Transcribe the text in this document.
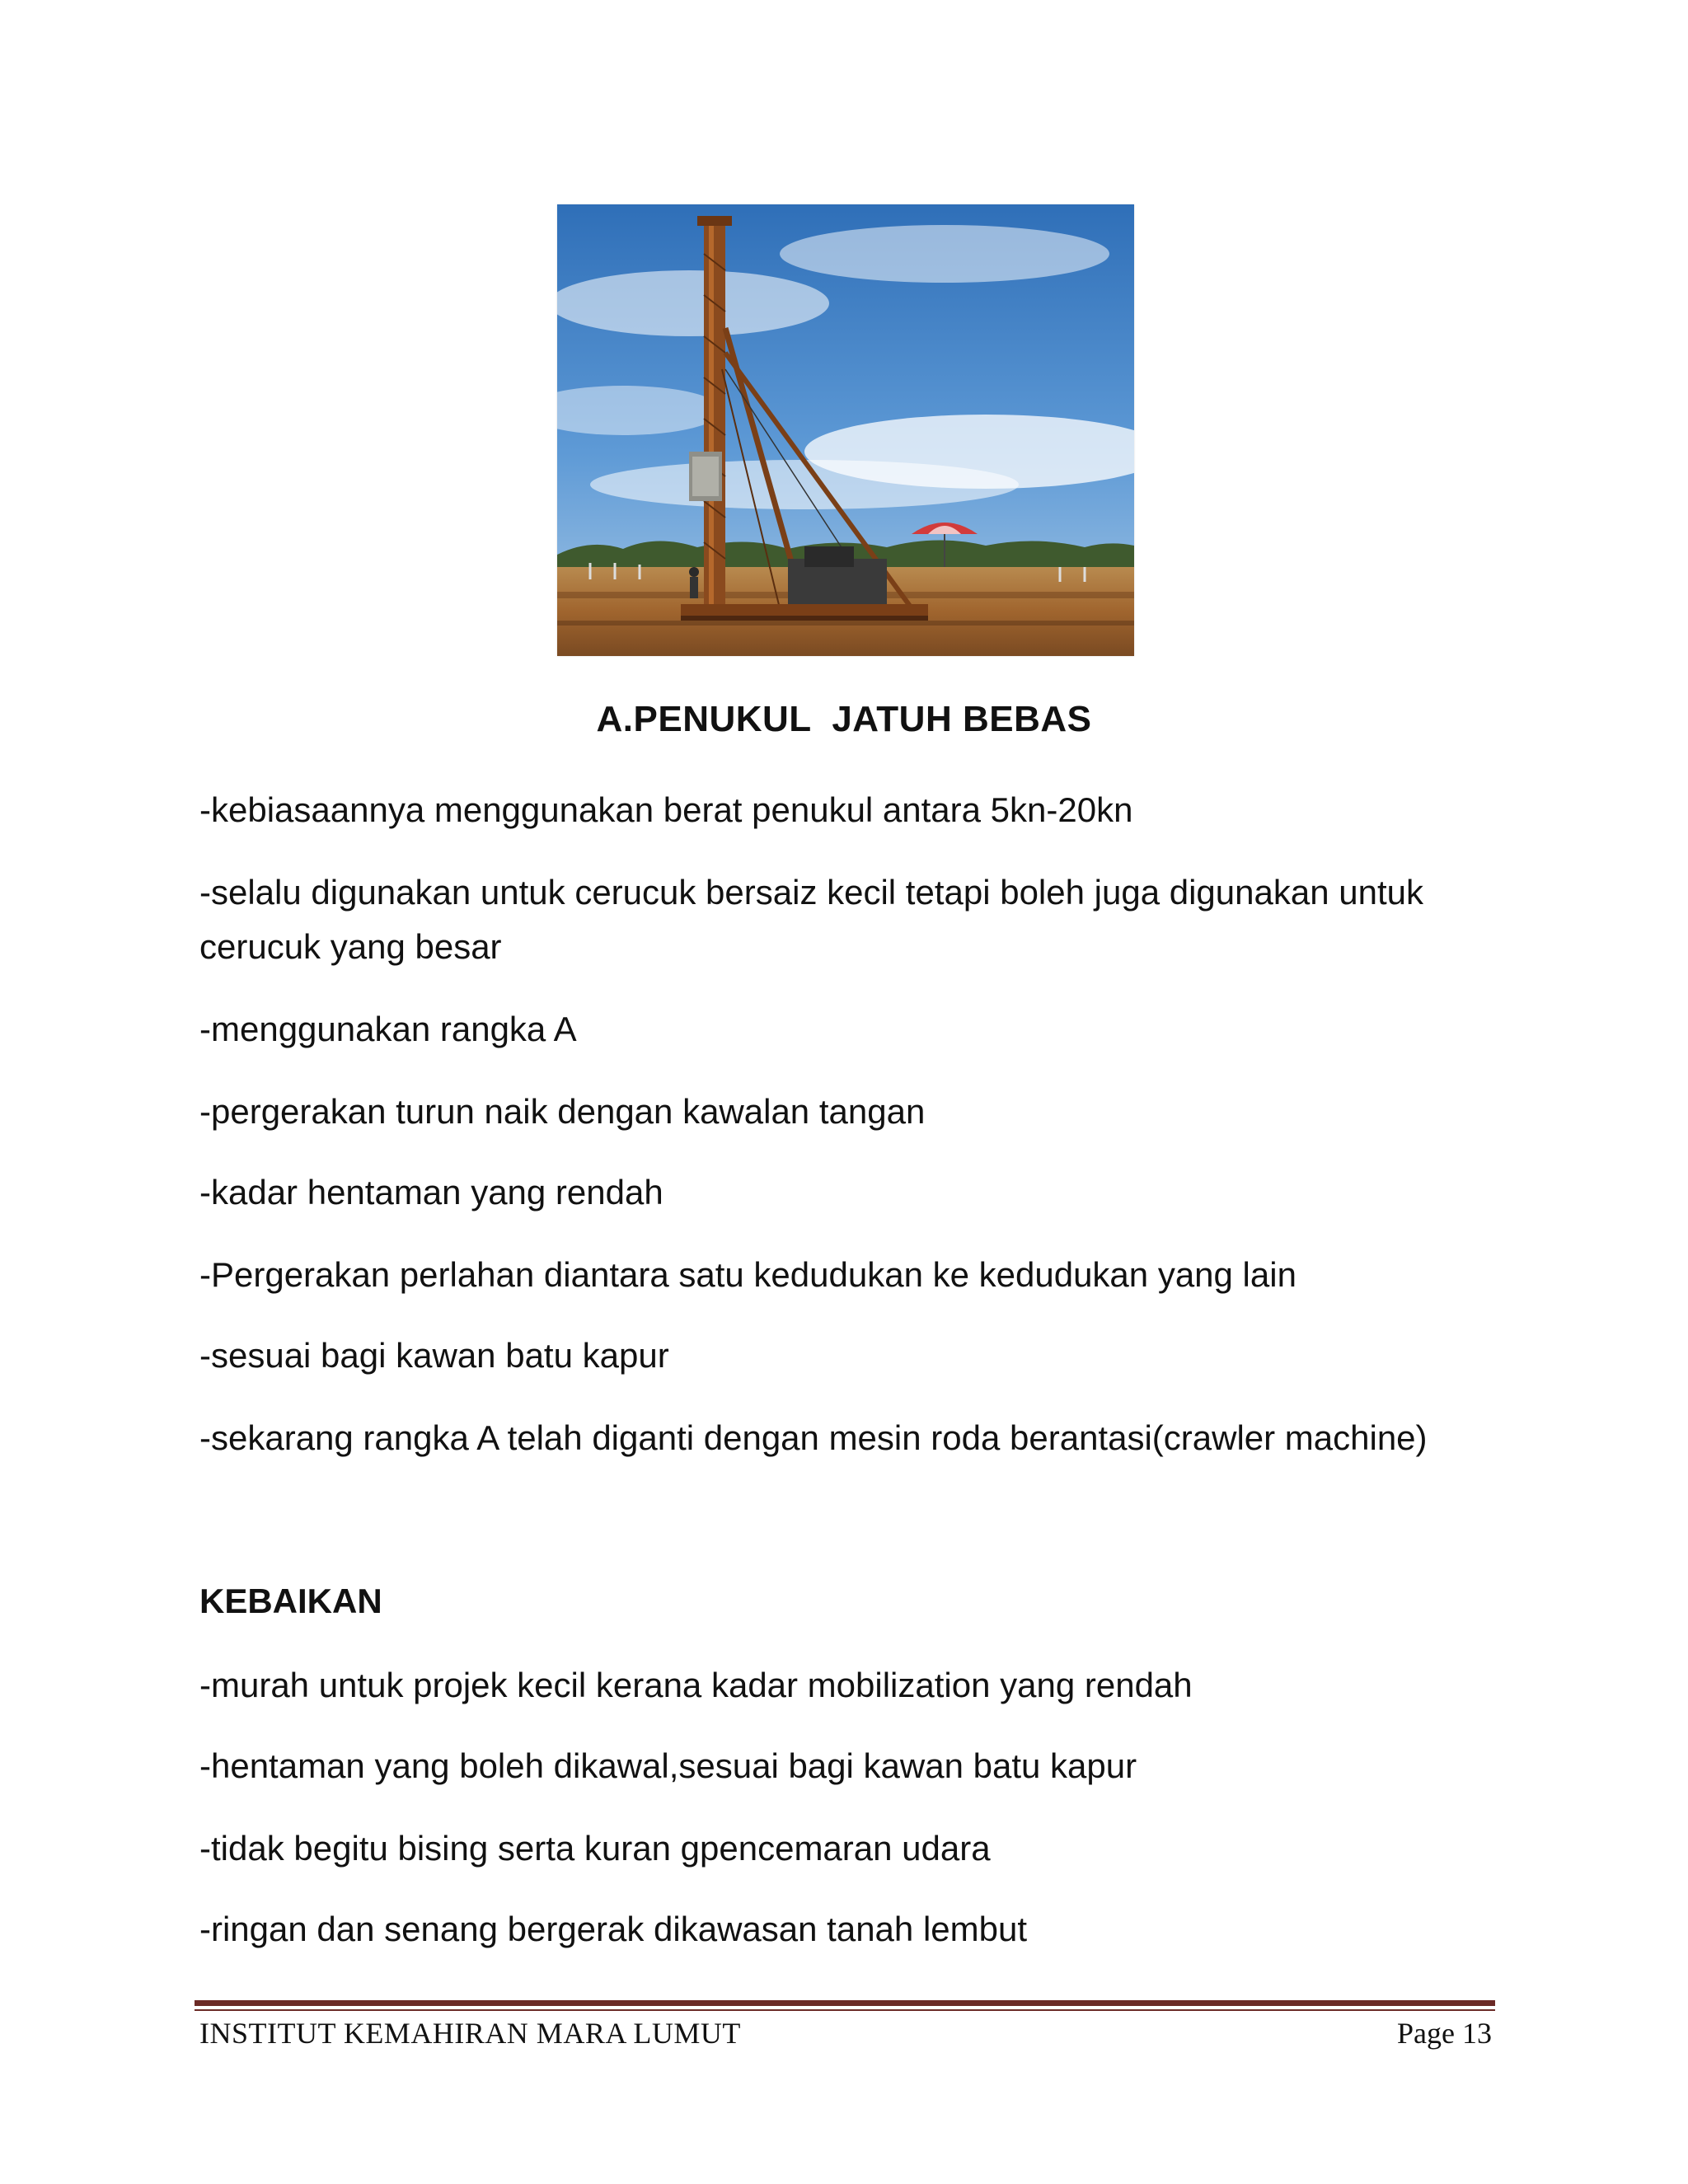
A.PENUKUL  JATUH BEBAS
-kebiasaannya menggunakan berat penukul antara 5kn-20kn
-selalu digunakan untuk cerucuk bersaiz kecil tetapi boleh juga digunakan untuk cerucuk yang besar
-menggunakan rangka A
-pergerakan turun naik dengan kawalan tangan
-kadar hentaman yang rendah
-Pergerakan perlahan diantara satu kedudukan ke kedudukan yang lain
-sesuai bagi kawan batu kapur
-sekarang rangka A telah diganti dengan mesin roda berantasi(crawler machine)
KEBAIKAN
-murah untuk projek kecil kerana kadar mobilization yang rendah
-hentaman yang boleh dikawal,sesuai bagi kawan batu kapur
-tidak begitu bising serta kuran gpencemaran udara
-ringan dan senang bergerak dikawasan tanah lembut
INSTITUT KEMAHIRAN MARA LUMUT	Page 13
